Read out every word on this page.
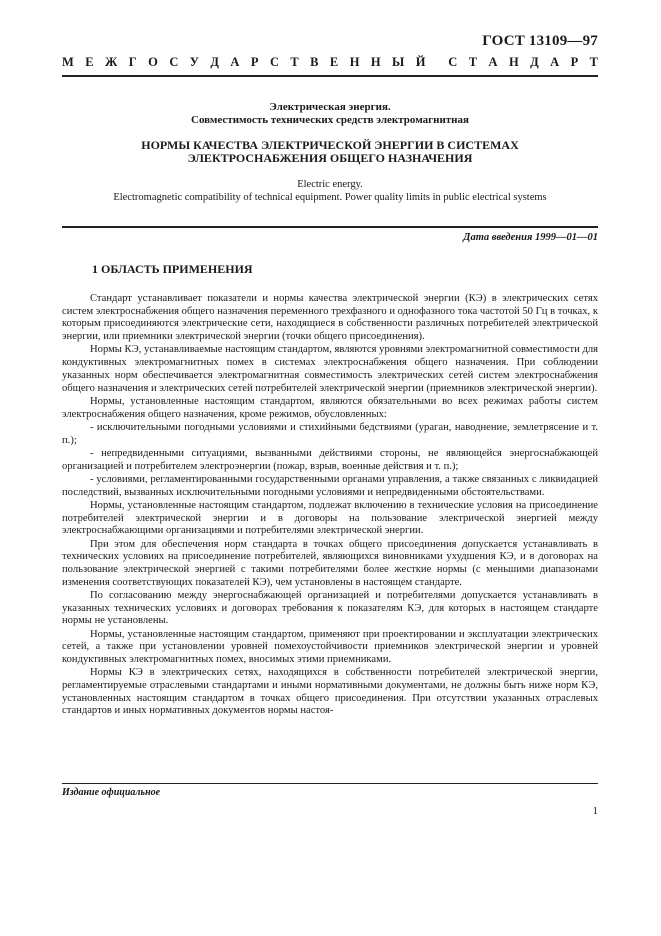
ГОСТ 13109—97
М Е Ж Г О С У Д А Р С Т В Е Н Н Ы Й С Т А Н Д А Р Т
Электрическая энергия.
Совместимость технических средств электромагнитная
НОРМЫ КАЧЕСТВА ЭЛЕКТРИЧЕСКОЙ ЭНЕРГИИ В СИСТЕМАХ
ЭЛЕКТРОСНАБЖЕНИЯ ОБЩЕГО НАЗНАЧЕНИЯ
Electric energy.
Electromagnetic compatibility of technical equipment. Power quality limits in public electrical systems
Дата введения 1999—01—01
1 ОБЛАСТЬ ПРИМЕНЕНИЯ

Стандарт устанавливает показатели и нормы качества электрической энергии (КЭ) в электрических сетях систем электроснабжения общего назначения переменного трехфазного и однофазного тока частотой 50 Гц в точках, к которым присоединяются электрические сети, находящиеся в собственности различных потребителей электрической энергии, или приемники электрической энергии (точки общего присоединения).

Нормы КЭ, устанавливаемые настоящим стандартом, являются уровнями электромагнитной совместимости для кондуктивных электромагнитных помех в системах электроснабжения общего назначения. При соблюдении указанных норм обеспечивается электромагнитная совместимость электрических сетей систем электроснабжения общего назначения и электрических сетей потребителей электрической энергии (приемников электрической энергии).

Нормы, установленные настоящим стандартом, являются обязательными во всех режимах работы систем электроснабжения общего назначения, кроме режимов, обусловленных:

- исключительными погодными условиями и стихийными бедствиями (ураган, наводнение, землетрясение и т. п.);

- непредвиденными ситуациями, вызванными действиями стороны, не являющейся энергоснабжающей организацией и потребителем электроэнергии (пожар, взрыв, военные действия и т. п.);

- условиями, регламентированными государственными органами управления, а также связанных с ликвидацией последствий, вызванных исключительными погодными условиями и непредвиденными обстоятельствами.

Нормы, установленные настоящим стандартом, подлежат включению в технические условия на присоединение потребителей электрической энергии и в договоры на пользование электрической энергией между электроснабжающими организациями и потребителями электрической энергии.

При этом для обеспечения норм стандарта в точках общего присоединения допускается устанавливать в технических условиях на присоединение потребителей, являющихся виновниками ухудшения КЭ, и в договорах на пользование электрической энергией с такими потребителями более жесткие нормы (с меньшими диапазонами изменения соответствующих показателей КЭ), чем установлены в настоящем стандарте.

По согласованию между энергоснабжающей организацией и потребителями допускается устанавливать в указанных технических условиях и договорах требования к показателям КЭ, для которых в настоящем стандарте нормы не установлены.

Нормы, установленные настоящим стандартом, применяют при проектировании и эксплуатации электрических сетей, а также при установлении уровней помехоустойчивости приемников электрической энергии и уровней кондуктивных электромагнитных помех, вносимых этими приемниками.

Нормы КЭ в электрических сетях, находящихся в собственности потребителей электрической энергии, регламентируемые отраслевыми стандартами и иными нормативными документами, не должны быть ниже норм КЭ, установленных настоящим стандартом в точках общего присоединения. При отсутствии указанных отраслевых стандартов и иных нормативных документов нормы настоя-

Издание официальное
1
